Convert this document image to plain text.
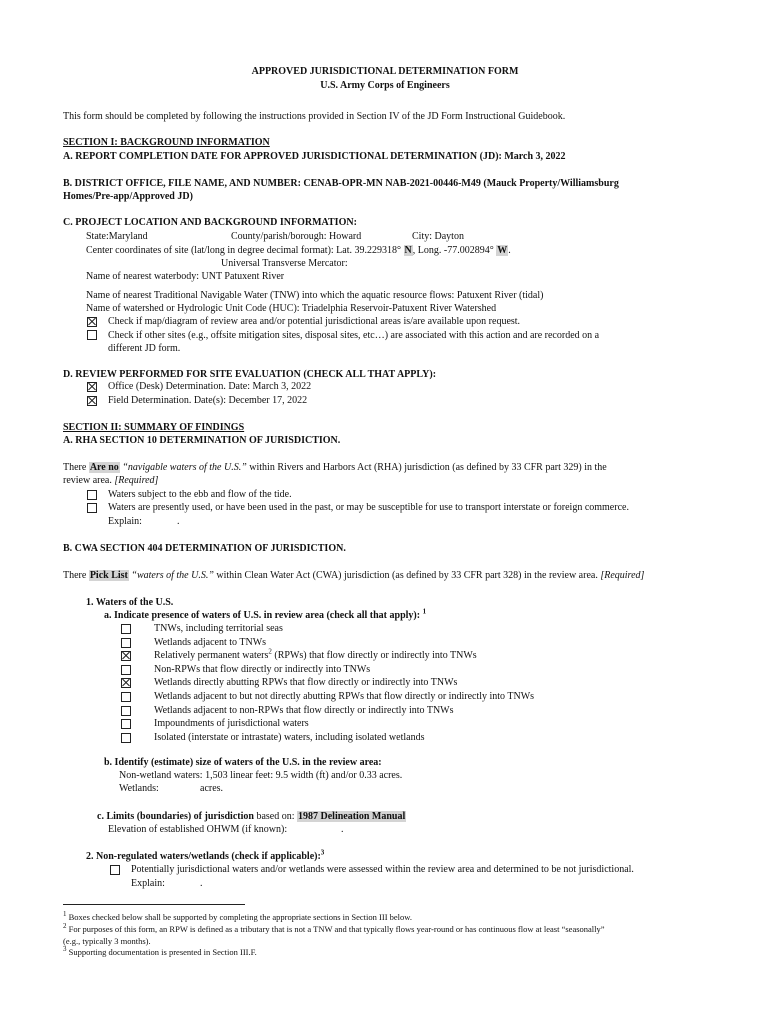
APPROVED JURISDICTIONAL DETERMINATION FORM
U.S. Army Corps of Engineers
This form should be completed by following the instructions provided in Section IV of the JD Form Instructional Guidebook.
SECTION I: BACKGROUND INFORMATION
A. REPORT COMPLETION DATE FOR APPROVED JURISDICTIONAL DETERMINATION (JD): March 3, 2022
B. DISTRICT OFFICE, FILE NAME, AND NUMBER: CENAB-OPR-MN NAB-2021-00446-M49 (Mauck Property/Williamsburg
Homes/Pre-app/Approved JD)
C. PROJECT LOCATION AND BACKGROUND INFORMATION:
State:Maryland	County/parish/borough: Howard	City: Dayton
Center coordinates of site (lat/long in degree decimal format): Lat. 39.229318° N, Long. -77.002894° W.
Universal Transverse Mercator:
Name of nearest waterbody: UNT Patuxent River
Name of nearest Traditional Navigable Water (TNW) into which the aquatic resource flows: Patuxent River (tidal)
Name of watershed or Hydrologic Unit Code (HUC): Triadelphia Reservoir-Patuxent River Watershed
Check if map/diagram of review area and/or potential jurisdictional areas is/are available upon request.
Check if other sites (e.g., offsite mitigation sites, disposal sites, etc…) are associated with this action and are recorded on a
different JD form.
D. REVIEW PERFORMED FOR SITE EVALUATION (CHECK ALL THAT APPLY):
Office (Desk) Determination. Date: March 3, 2022
Field Determination. Date(s): December 17, 2022
SECTION II: SUMMARY OF FINDINGS
A. RHA SECTION 10 DETERMINATION OF JURISDICTION.
There Are no “navigable waters of the U.S.” within Rivers and Harbors Act (RHA) jurisdiction (as defined by 33 CFR part 329) in the
review area. [Required]
Waters subject to the ebb and flow of the tide.
Waters are presently used, or have been used in the past, or may be susceptible for use to transport interstate or foreign commerce.
Explain:	.
B. CWA SECTION 404 DETERMINATION OF JURISDICTION.
There Pick List “waters of the U.S.” within Clean Water Act (CWA) jurisdiction (as defined by 33 CFR part 328) in the review area. [Required]
1. Waters of the U.S.
a. Indicate presence of waters of U.S. in review area (check all that apply): $^1$
TNWs, including territorial seas
Wetlands adjacent to TNWs
Relatively permanent waters$^2$ (RPWs) that flow directly or indirectly into TNWs
Non-RPWs that flow directly or indirectly into TNWs
Wetlands directly abutting RPWs that flow directly or indirectly into TNWs
Wetlands adjacent to but not directly abutting RPWs that flow directly or indirectly into TNWs
Wetlands adjacent to non-RPWs that flow directly or indirectly into TNWs
Impoundments of jurisdictional waters
Isolated (interstate or intrastate) waters, including isolated wetlands
b. Identify (estimate) size of waters of the U.S. in the review area:
Non-wetland waters: 1,503 linear feet: 9.5 width (ft) and/or 0.33 acres.
Wetlands:	acres.
c. Limits (boundaries) of jurisdiction based on: 1987 Delineation Manual
Elevation of established OHWM (if known):	.
2. Non-regulated waters/wetlands (check if applicable):$^3$
Potentially jurisdictional waters and/or wetlands were assessed within the review area and determined to be not jurisdictional.
Explain:	.
$^1$ Boxes checked below shall be supported by completing the appropriate sections in Section III below.
$^2$ For purposes of this form, an RPW is defined as a tributary that is not a TNW and that typically flows year-round or has continuous flow at least “seasonally”
(e.g., typically 3 months).
$^3$ Supporting documentation is presented in Section III.F.
